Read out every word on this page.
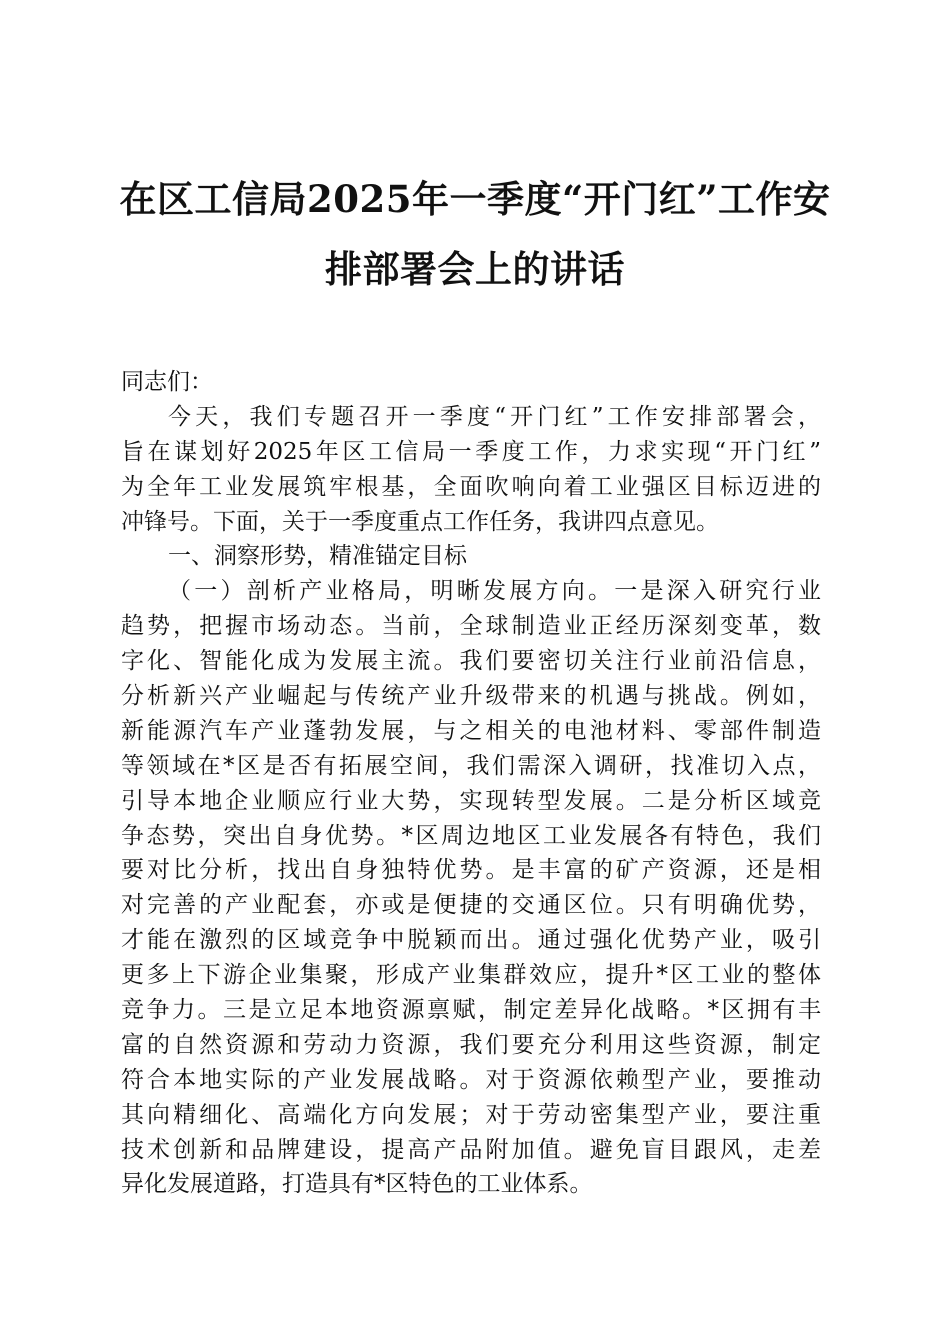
在区工信局2025年一季度“开门红”工作安
排部署会上的讲话
同志们：
今天，我们专题召开一季度“开门红”工作安排部署会，
旨在谋划好2025年区工信局一季度工作，力求实现“开门红”
为全年工业发展筑牢根基，全面吹响向着工业强区目标迈进的
冲锋号。下面，关于一季度重点工作任务，我讲四点意见。
一、洞察形势，精准锚定目标
（一）剖析产业格局，明晰发展方向。一是深入研究行业
趋势，把握市场动态。当前，全球制造业正经历深刻变革，数
字化、智能化成为发展主流。我们要密切关注行业前沿信息，
分析新兴产业崛起与传统产业升级带来的机遇与挑战。例如，
新能源汽车产业蓬勃发展，与之相关的电池材料、零部件制造
等领域在*区是否有拓展空间，我们需深入调研，找准切入点，
引导本地企业顺应行业大势，实现转型发展。二是分析区域竞
争态势，突出自身优势。*区周边地区工业发展各有特色，我们
要对比分析，找出自身独特优势。是丰富的矿产资源，还是相
对完善的产业配套，亦或是便捷的交通区位。只有明确优势，
才能在激烈的区域竞争中脱颖而出。通过强化优势产业，吸引
更多上下游企业集聚，形成产业集群效应，提升*区工业的整体
竞争力。三是立足本地资源禀赋，制定差异化战略。*区拥有丰
富的自然资源和劳动力资源，我们要充分利用这些资源，制定
符合本地实际的产业发展战略。对于资源依赖型产业，要推动
其向精细化、高端化方向发展；对于劳动密集型产业，要注重
技术创新和品牌建设，提高产品附加值。避免盲目跟风，走差
异化发展道路，打造具有*区特色的工业体系。
